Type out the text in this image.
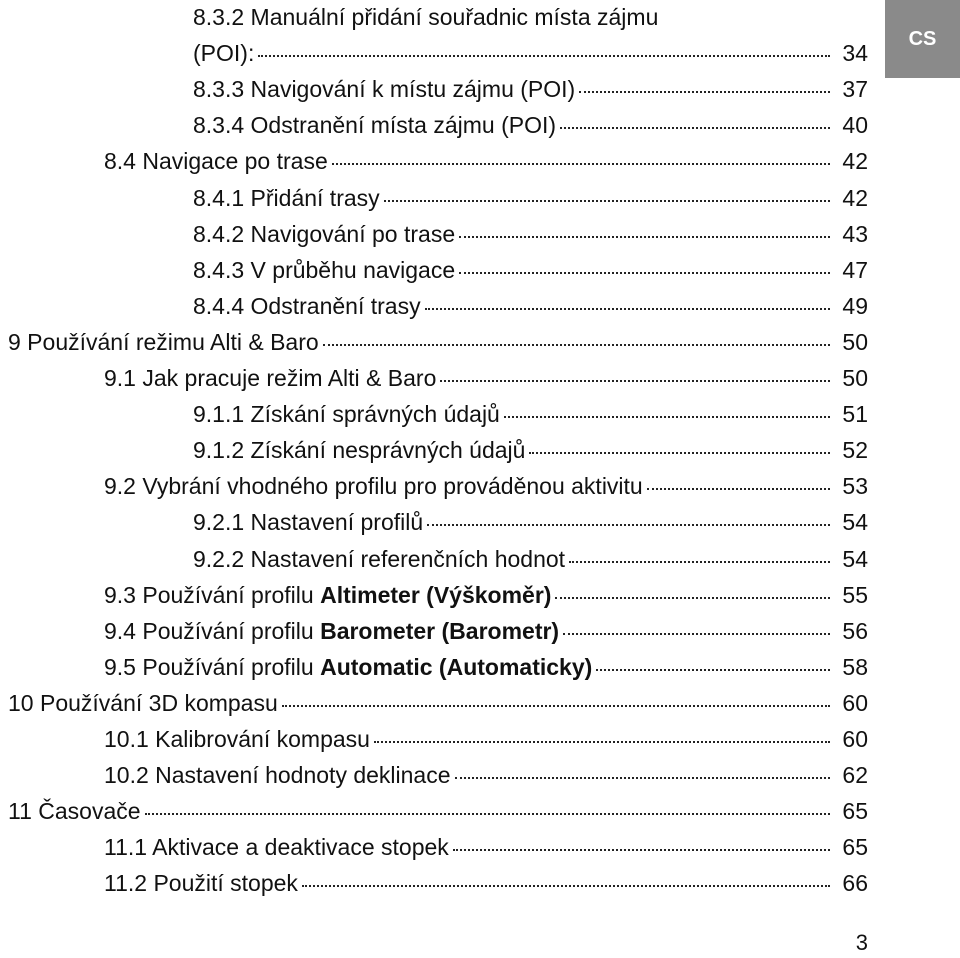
CS
8.3.2 Manuální přidání souřadnic místa zájmu
(POI):	34
8.3.3 Navigování k místu zájmu (POI)	37
8.3.4 Odstranění místa zájmu (POI)	40
8.4 Navigace po trase	42
8.4.1 Přidání trasy	42
8.4.2 Navigování po trase	43
8.4.3 V průběhu navigace	47
8.4.4 Odstranění trasy	49
9 Používání režimu Alti & Baro	50
9.1 Jak pracuje režim Alti & Baro	50
9.1.1 Získání správných údajů	51
9.1.2 Získání nesprávných údajů	52
9.2 Vybrání vhodného profilu pro prováděnou aktivitu	53
9.2.1 Nastavení profilů	54
9.2.2 Nastavení referenčních hodnot	54
9.3 Používání profilu Altimeter (Výškoměr)	55
9.4 Používání profilu Barometer (Barometr)	56
9.5 Používání profilu Automatic (Automaticky)	58
10 Používání 3D kompasu	60
10.1 Kalibrování kompasu	60
10.2 Nastavení hodnoty deklinace	62
11 Časovače	65
11.1 Aktivace a deaktivace stopek	65
11.2 Použití stopek	66
3
